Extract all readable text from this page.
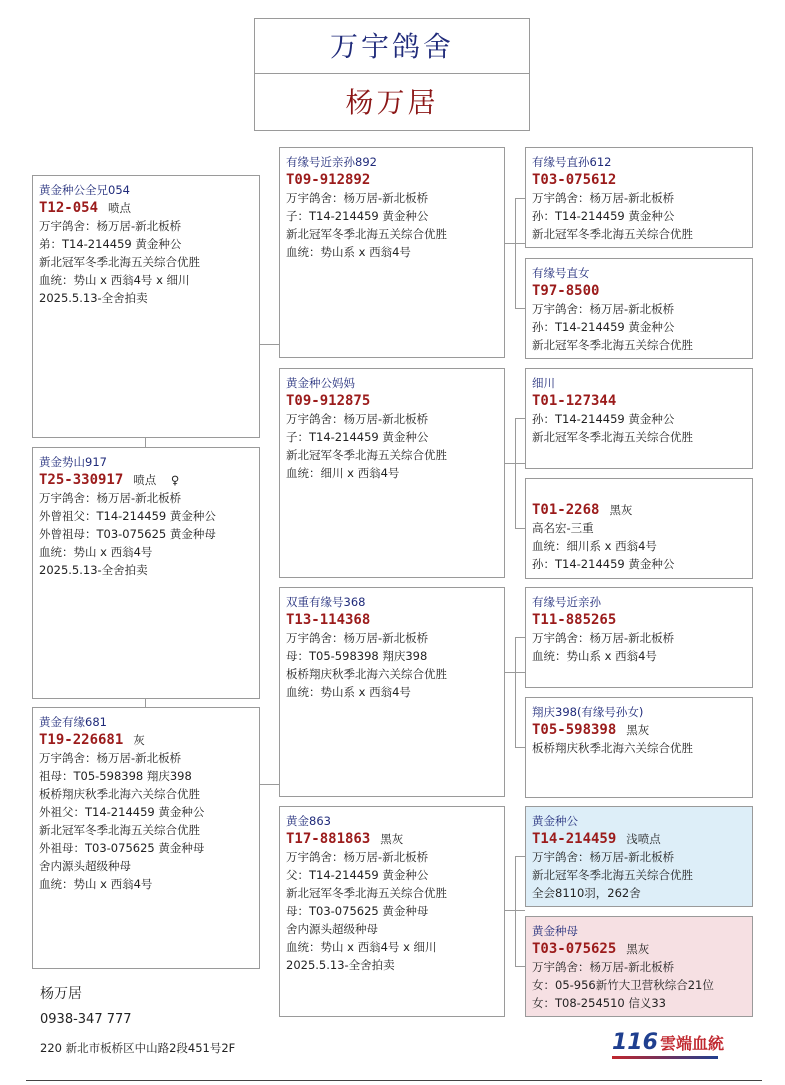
万宇鸽舍
杨万居
黄金种公全兄054
T12-054 喷点
万宇鸽舍：杨万居-新北板桥
弟：T14-214459 黄金种公
新北冠军冬季北海五关综合优胜
血统：势山 x 西翁4号 x 细川
2025.5.13-全舍拍卖
黄金势山917
T25-330917 喷点    ♀
万宇鸽舍：杨万居-新北板桥
外曾祖父：T14-214459 黄金种公
外曾祖母：T03-075625 黄金种母
血统：势山 x 西翁4号
2025.5.13-全舍拍卖
黄金有缘681
T19-226681 灰
万宇鸽舍：杨万居-新北板桥
祖母：T05-598398 翔庆398
板桥翔庆秋季北海六关综合优胜
外祖父：T14-214459 黄金种公
新北冠军冬季北海五关综合优胜
外祖母：T03-075625 黄金种母
舍内源头超级种母
血统：势山 x 西翁4号
有缘号近亲孙892
T09-912892
万宇鸽舍：杨万居-新北板桥
子：T14-214459 黄金种公
新北冠军冬季北海五关综合优胜
血统：势山系 x 西翁4号
黄金种公妈妈
T09-912875
万宇鸽舍：杨万居-新北板桥
子：T14-214459 黄金种公
新北冠军冬季北海五关综合优胜
血统：细川 x 西翁4号
双重有缘号368
T13-114368
万宇鸽舍：杨万居-新北板桥
母：T05-598398 翔庆398
板桥翔庆秋季北海六关综合优胜
血统：势山系 x 西翁4号
黄金863
T17-881863 黑灰
万宇鸽舍：杨万居-新北板桥
父：T14-214459 黄金种公
新北冠军冬季北海五关综合优胜
母：T03-075625 黄金种母
舍内源头超级种母
血统：势山 x 西翁4号 x 细川
2025.5.13-全舍拍卖
有缘号直孙612
T03-075612
万宇鸽舍：杨万居-新北板桥
孙：T14-214459 黄金种公
新北冠军冬季北海五关综合优胜
有缘号直女
T97-8500
万宇鸽舍：杨万居-新北板桥
孙：T14-214459 黄金种公
新北冠军冬季北海五关综合优胜
细川
T01-127344
孙：T14-214459 黄金种公
新北冠军冬季北海五关综合优胜
T01-2268 黑灰
高名宏-三重
血统：细川系 x 西翁4号
孙：T14-214459 黄金种公
有缘号近亲孙
T11-885265
万宇鸽舍：杨万居-新北板桥
血统：势山系 x 西翁4号
翔庆398(有缘号孙女)
T05-598398 黑灰
板桥翔庆秋季北海六关综合优胜
黄金种公
T14-214459 浅喷点
万宇鸽舍：杨万居-新北板桥
新北冠军冬季北海五关综合优胜
全会8110羽，262舍
黄金种母
T03-075625 黑灰
万宇鸽舍：杨万居-新北板桥
女：05-956新竹大卫营秋综合21位
女：T08-254510 信义33
杨万居
0938-347 777
220 新北市板桥区中山路2段451号2F	116 雲端血統
